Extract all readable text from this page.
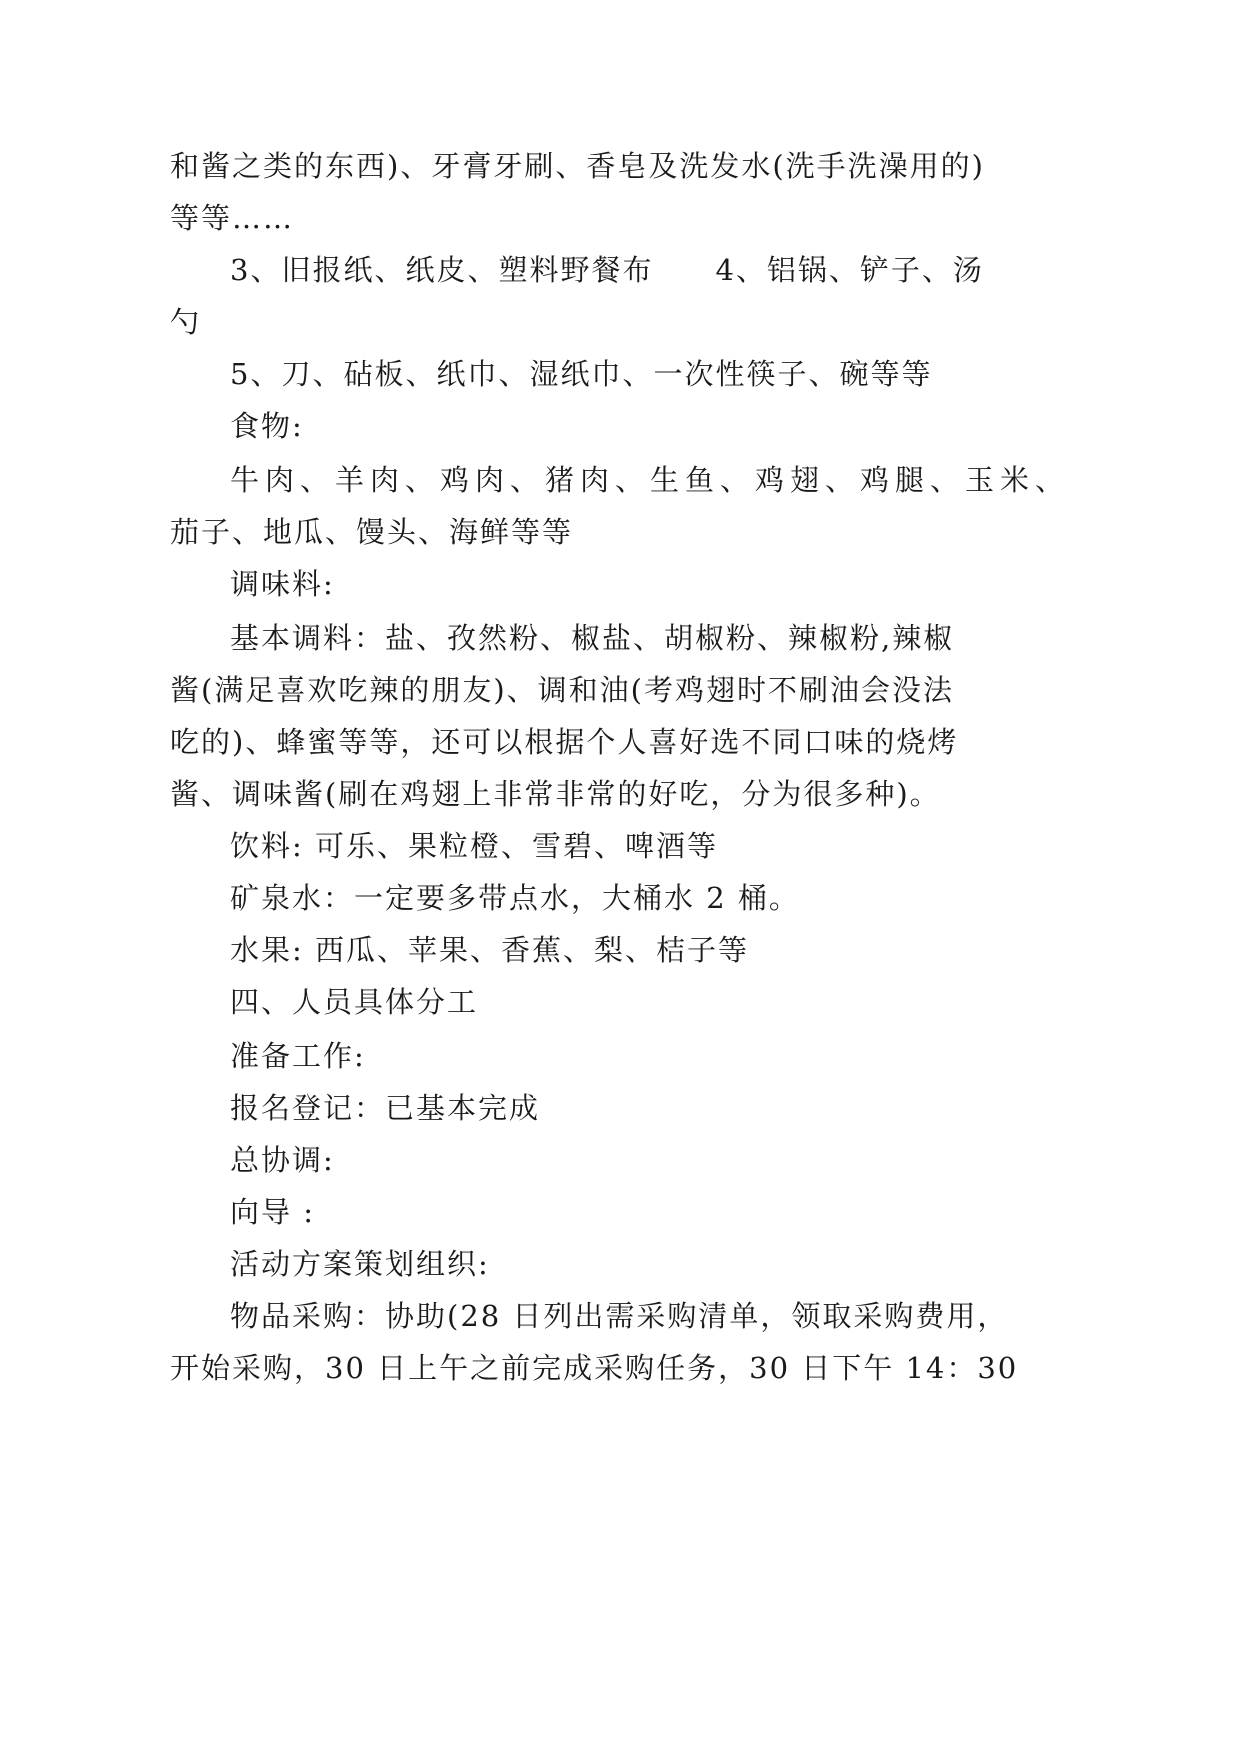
和酱之类的东西)、牙膏牙刷、香皂及洗发水(洗手洗澡用的)

等等……

3、旧报纸、纸皮、塑料野餐布　　4、铝锅、铲子、汤

勺

5、刀、砧板、纸巾、湿纸巾、一次性筷子、碗等等

食物:

牛肉、羊肉、鸡肉、猪肉、生鱼、鸡翅、鸡腿、玉米、

茄子、地瓜、馒头、海鲜等等

调味料:

基本调料：盐、孜然粉、椒盐、胡椒粉、辣椒粉,辣椒

酱(满足喜欢吃辣的朋友)、调和油(考鸡翅时不刷油会没法

吃的)、蜂蜜等等，还可以根据个人喜好选不同口味的烧烤

酱、调味酱(刷在鸡翅上非常非常的好吃，分为很多种)。

饮料: 可乐、果粒橙、雪碧、啤酒等

矿泉水：一定要多带点水，大桶水 2 桶。

水果: 西瓜、苹果、香蕉、梨、桔子等

四、人员具体分工

准备工作:

报名登记：已基本完成

总协调:

向导 :

活动方案策划组织:

物品采购：协助(28 日列出需采购清单，领取采购费用，

开始采购，30 日上午之前完成采购任务，30 日下午 14：30
